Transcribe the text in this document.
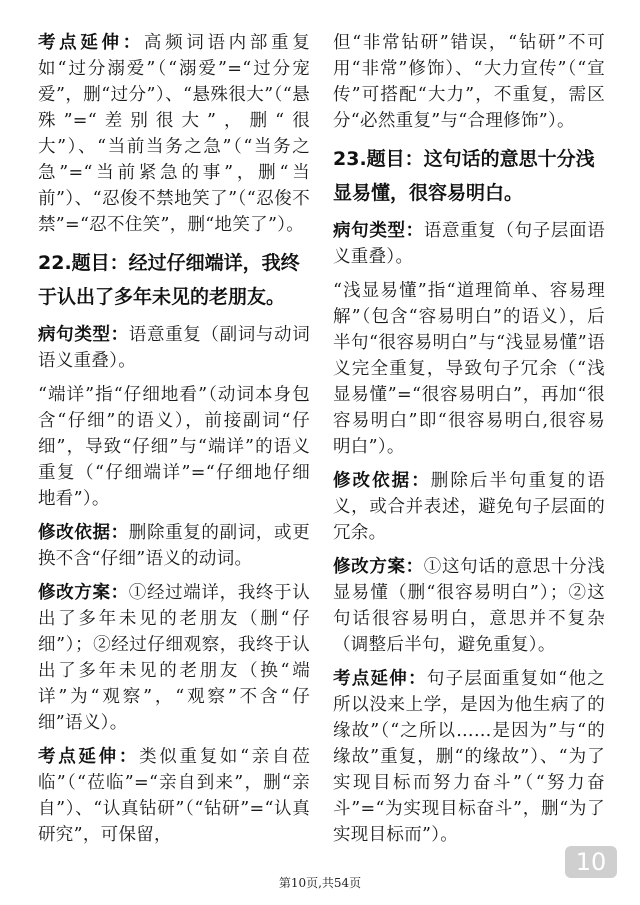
考点延伸：高频词语内部重复如“过分溺爱”（“溺爱”=“过分宠爱”，删“过分”）、“悬殊很大”（“悬殊”=“差别很大”，删“很大”）、“当前当务之急”（“当务之急”=“当前紧急的事”，删“当前”）、“忍俊不禁地笑了”（“忍俊不禁”=“忍不住笑”，删“地笑了”）。

22.题目：经过仔细端详，我终于认出了多年未见的老朋友。

病句类型：语意重复（副词与动词语义重叠）。

“端详”指“仔细地看”（动词本身包含“仔细”的语义），前接副词“仔细”，导致“仔细”与“端详”的语义重复（“仔细端详”=“仔细地仔细地看”）。

修改依据：删除重复的副词，或更换不含“仔细”语义的动词。

修改方案：①经过端详，我终于认出了多年未见的老朋友（删“仔细”）；②经过仔细观察，我终于认出了多年未见的老朋友（换“端详”为“观察”，“观察”不含“仔细”语义）。

考点延伸：类似重复如“亲自莅临”（“莅临”=“亲自到来”，删“亲自”）、“认真钻研”（“钻研”=“认真研究”，可保留，

但“非常钻研”错误，“钻研”不可用“非常”修饰）、“大力宣传”（“宣传”可搭配“大力”，不重复，需区分“必然重复”与“合理修饰”）。

23.题目：这句话的意思十分浅显易懂，很容易明白。

病句类型：语意重复（句子层面语义重叠）。

“浅显易懂”指“道理简单、容易理解”（包含“容易明白”的语义），后半句“很容易明白”与“浅显易懂”语义完全重复，导致句子冗余（“浅显易懂”=“很容易明白”，再加“很容易明白”即“很容易明白,很容易明白”）。

修改依据：删除后半句重复的语义，或合并表述，避免句子层面的冗余。

修改方案：①这句话的意思十分浅显易懂（删“很容易明白”）；②这句话很容易明白，意思并不复杂（调整后半句，避免重复）。

考点延伸：句子层面重复如“他之所以没来上学，是因为他生病了的缘故”（“之所以……是因为”与“的缘故”重复，删“的缘故”）、“为了实现目标而努力奋斗”（“努力奋斗”=“为实现目标奋斗”，删“为了实现目标而”）。

10
第10页,共54页
